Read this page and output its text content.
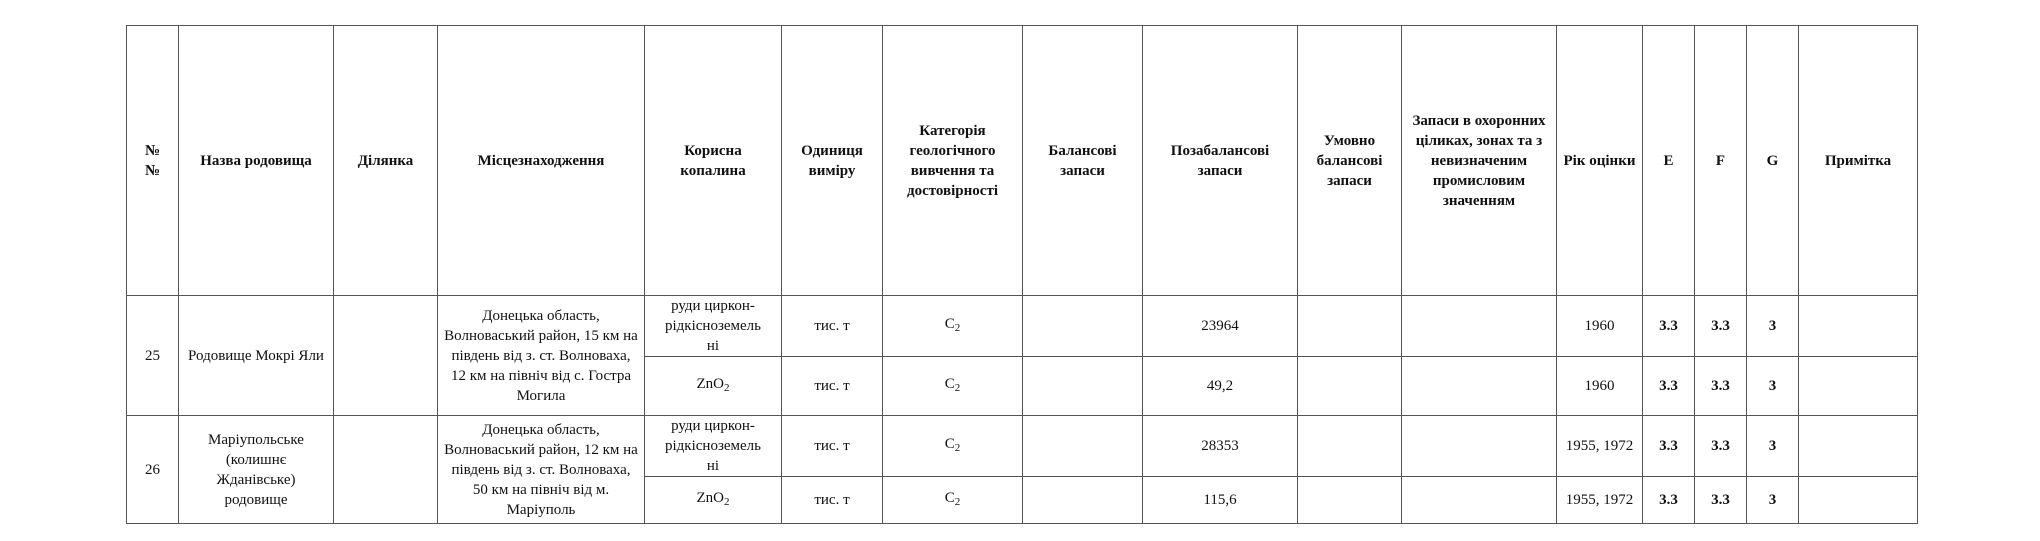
№
№	Назва родовища	Ділянка	Місцезнаходження	Корисна копалина	Одиниця виміру	Категорія геологічного вивчення та достовірності	Балансові запаси	Позабалансові запаси	Умовно балансові запаси	Запаси в охоронних ціликах, зонах та з невизначеним промисловим значенням	Рік оцінки	E	F	G	Примітка
25	Родовище Мокрі Яли		Донецька область, Волноваський район, 15 км на південь від з. ст. Волноваха, 12 км на північ від с. Гостра Могила	руди циркон-
рідкісноземель
ні	тис. т	$C_2$		23964			1960	3.3	3.3	3	
				ZnO$_2$	тис. т	$C_2$		49,2			1960	3.3	3.3	3	
26	Маріупольське (колишнє Жданівське) родовище		Донецька область, Волноваський район, 12 км на південь від з. ст. Волноваха, 50 км на північ від м. Маріуполь	руди циркон-
рідкісноземель
ні	тис. т	$C_2$		28353			1955, 1972	3.3	3.3	3	
				ZnO$_2$	тис. т	$C_2$		115,6			1955, 1972	3.3	3.3	3	
